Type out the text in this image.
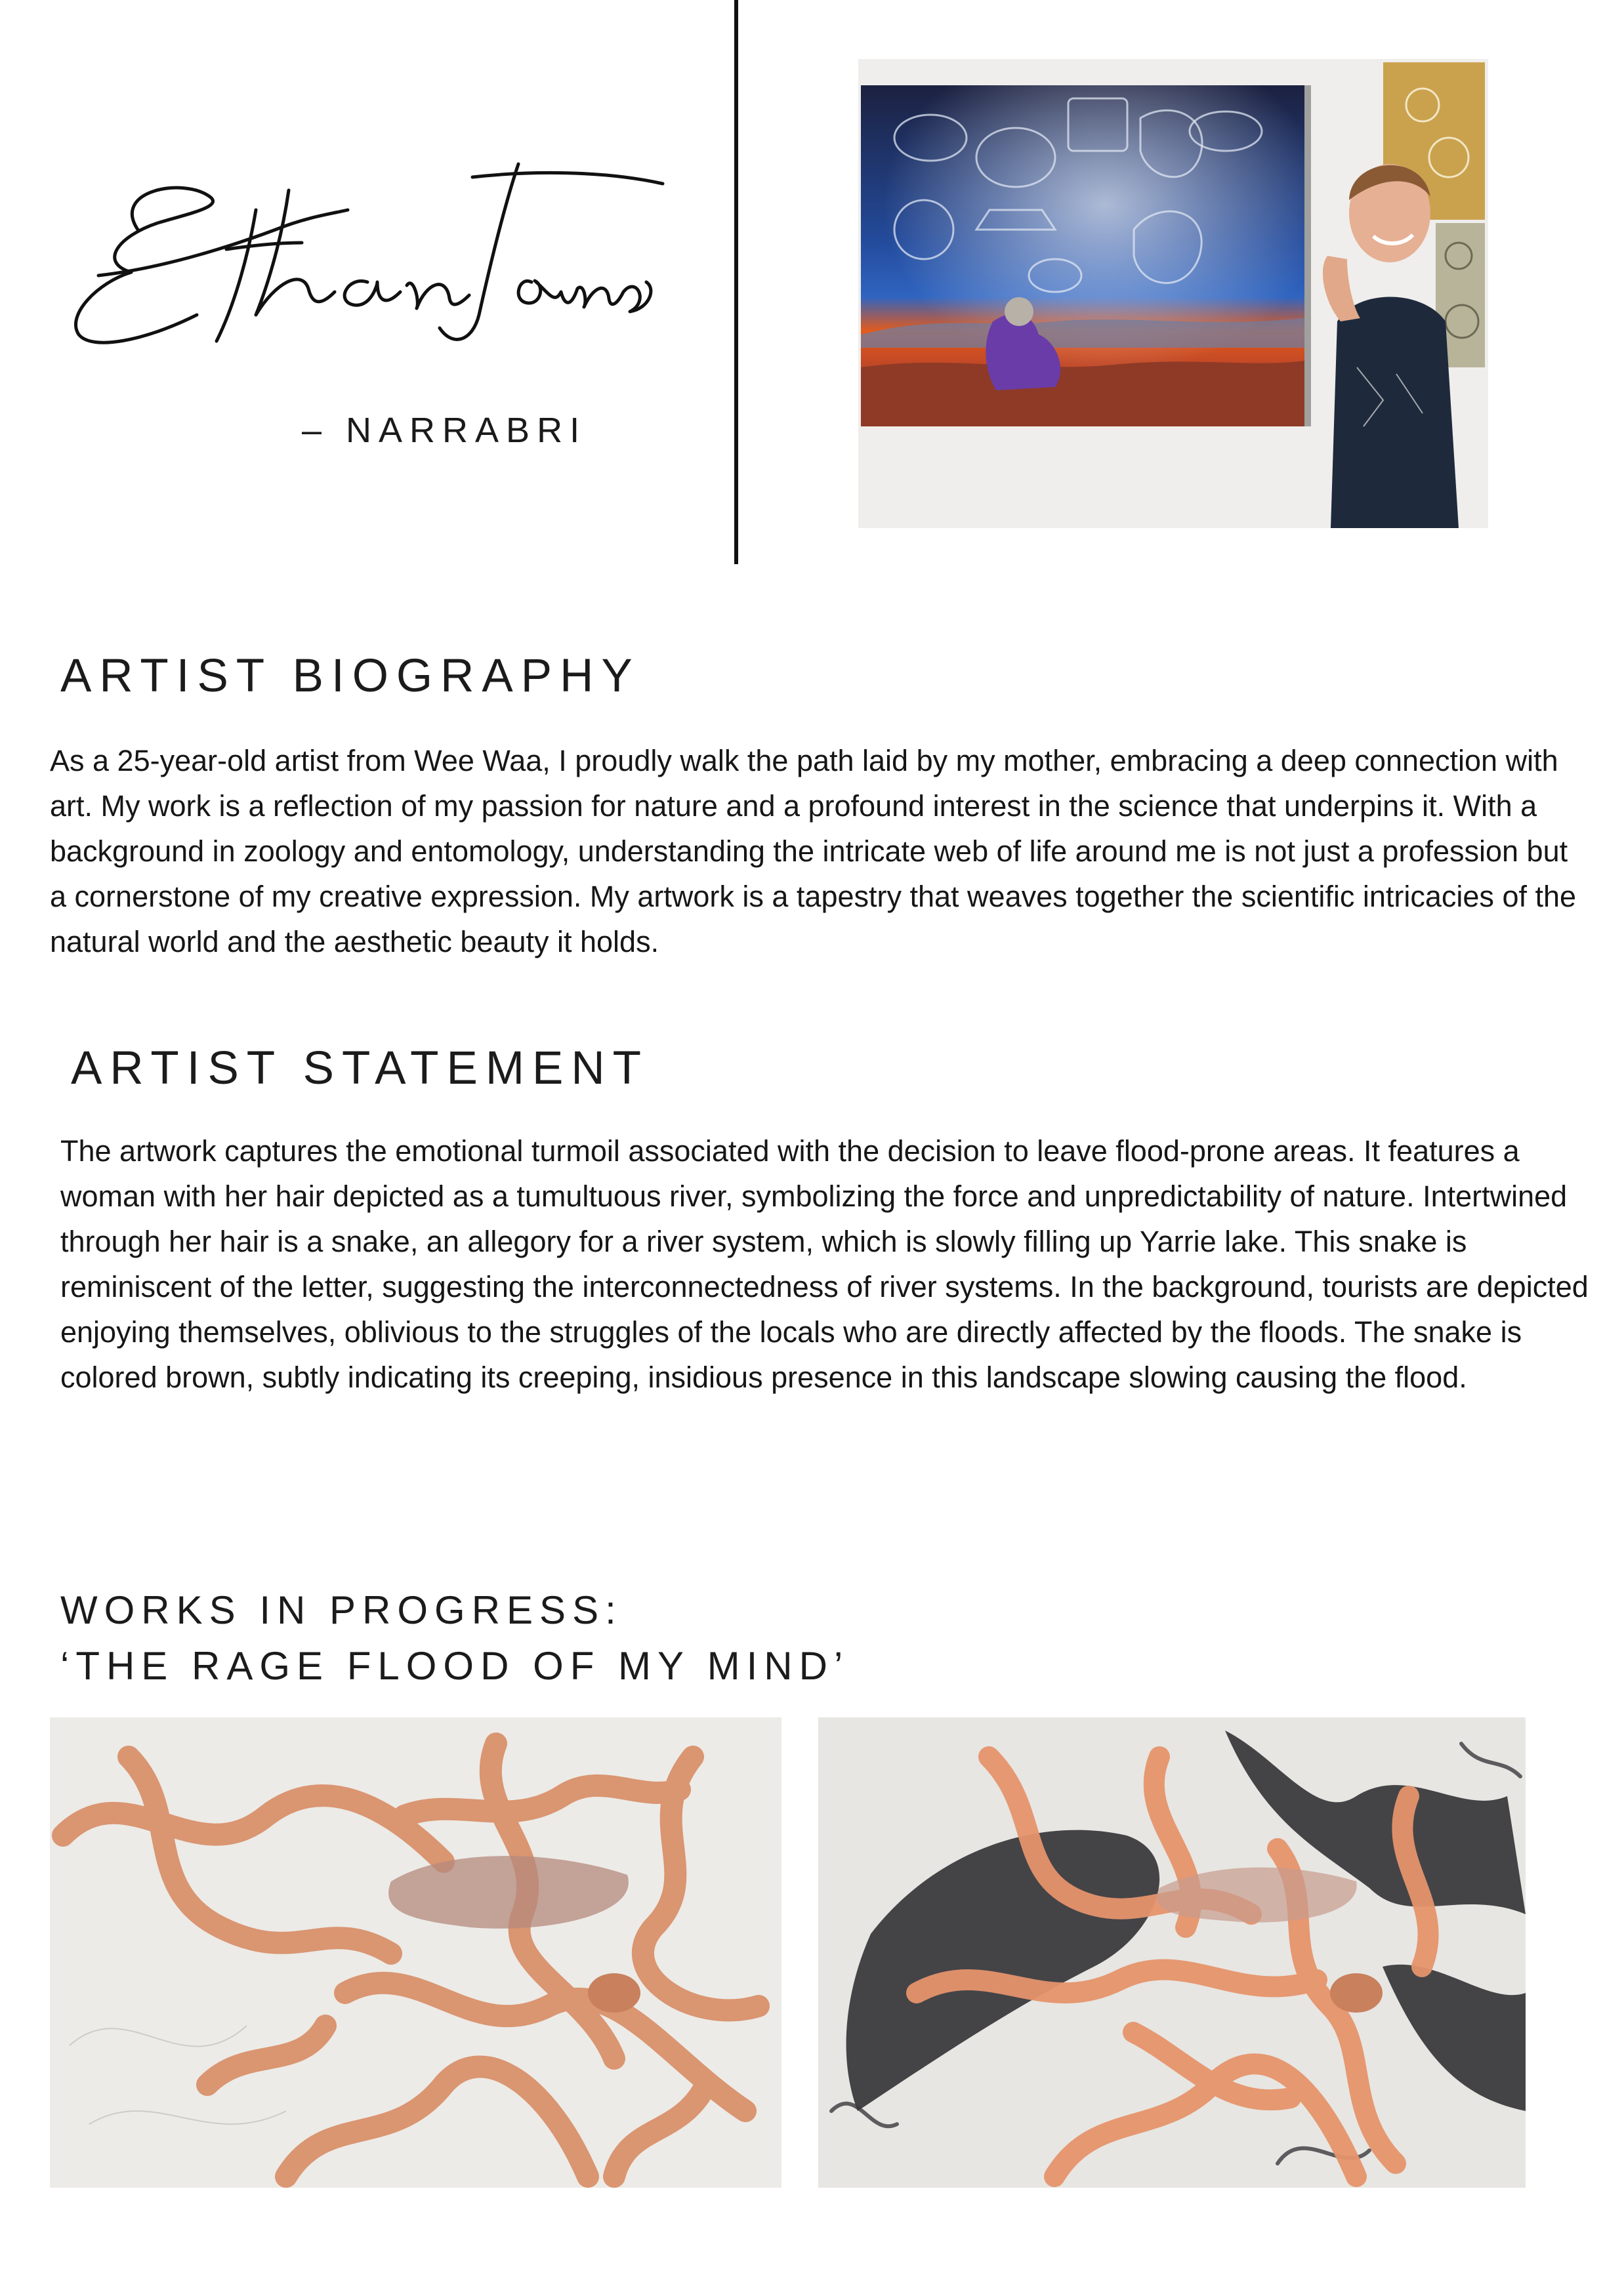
– NARRABRI
ARTIST BIOGRAPHY

As a 25-year-old artist from Wee Waa, I proudly walk the path laid by my mother, embracing a deep connection with art. My work is a reflection of my passion for nature and a profound interest in the science that underpins it. With a background in zoology and entomology, understanding the intricate web of life around me is not just a profession but a cornerstone of my creative expression. My artwork is a tapestry that weaves together the scientific intricacies of the natural world and the aesthetic beauty it holds.

ARTIST STATEMENT

The artwork captures the emotional turmoil associated with the decision to leave flood-prone areas. It features a woman with her hair depicted as a tumultuous river, symbolizing the force and unpredictability of nature. Intertwined through her hair is a snake, an allegory for a river system, which is slowly filling up Yarrie lake. This snake is reminiscent of the letter, suggesting the interconnectedness of river systems. In the background, tourists are depicted enjoying themselves, oblivious to the struggles of the locals who are directly affected by the floods. The snake is colored brown, subtly indicating its creeping, insidious presence in this landscape slowing causing the flood.

WORKS IN PROGRESS:
‘THE RAGE FLOOD OF MY MIND’
